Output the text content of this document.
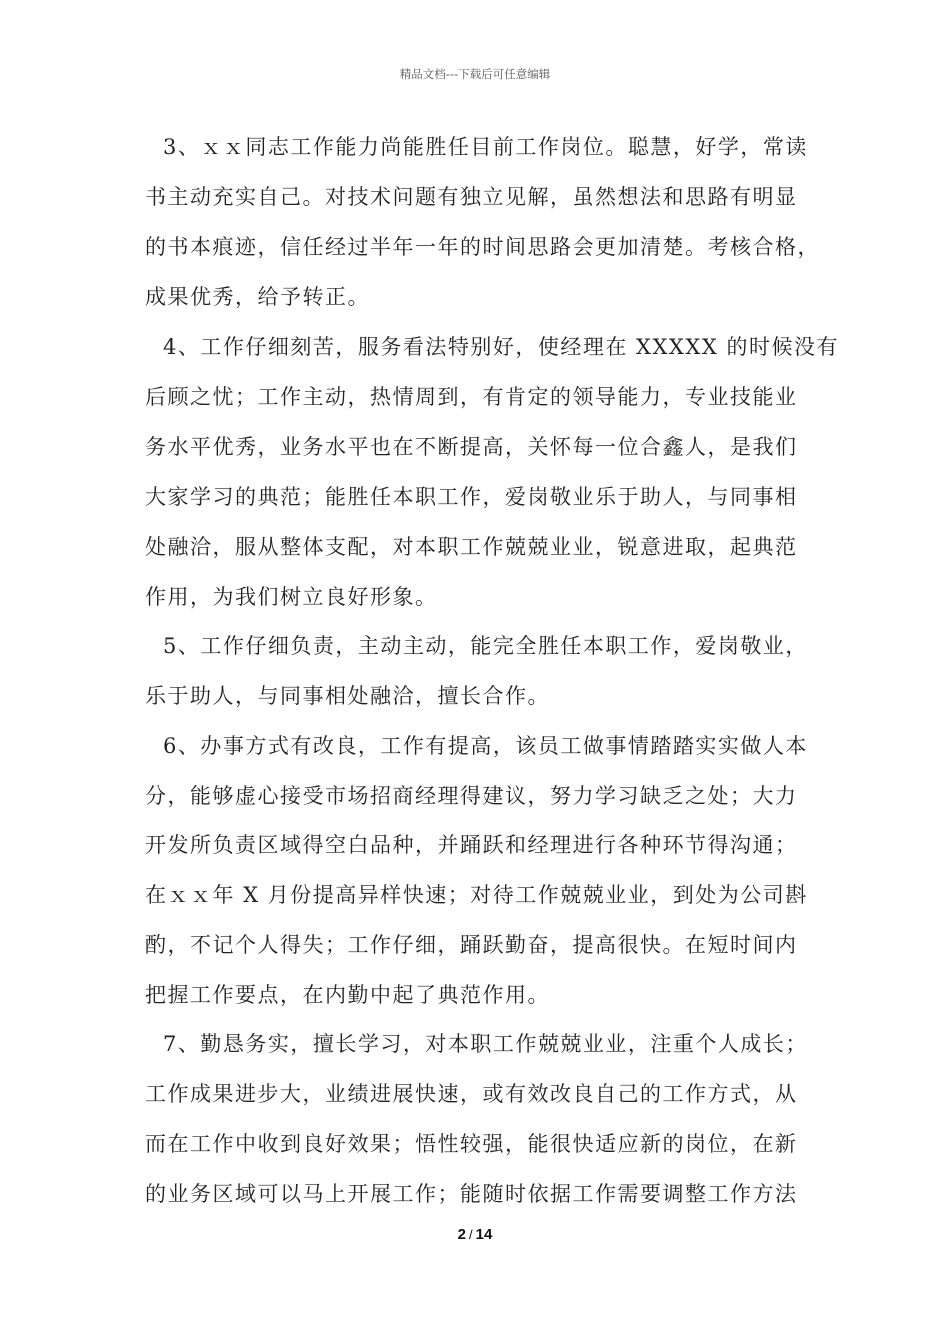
精品文档---下载后可任意编辑
3、ｘｘ同志工作能力尚能胜任目前工作岗位。聪慧，好学，常读
书主动充实自己。对技术问题有独立见解，虽然想法和思路有明显
的书本痕迹，信任经过半年一年的时间思路会更加清楚。考核合格，
成果优秀，给予转正。
4、工作仔细刻苦，服务看法特别好，使经理在 XXXXX 的时候没有
后顾之忧；工作主动，热情周到，有肯定的领导能力，专业技能业
务水平优秀，业务水平也在不断提高，关怀每一位合鑫人，是我们
大家学习的典范；能胜任本职工作，爱岗敬业乐于助人，与同事相
处融洽，服从整体支配，对本职工作兢兢业业，锐意进取，起典范
作用，为我们树立良好形象。
5、工作仔细负责，主动主动，能完全胜任本职工作，爱岗敬业，
乐于助人，与同事相处融洽，擅长合作。
6、办事方式有改良，工作有提高，该员工做事情踏踏实实做人本
分，能够虚心接受市场招商经理得建议，努力学习缺乏之处；大力
开发所负责区域得空白品种，并踊跃和经理进行各种环节得沟通；
在ｘｘ年 X 月份提高异样快速；对待工作兢兢业业，到处为公司斟
酌，不记个人得失；工作仔细，踊跃勤奋，提高很快。在短时间内
把握工作要点，在内勤中起了典范作用。
7、勤恳务实，擅长学习，对本职工作兢兢业业，注重个人成长；
工作成果进步大，业绩进展快速，或有效改良自己的工作方式，从
而在工作中收到良好效果；悟性较强，能很快适应新的岗位，在新
的业务区域可以马上开展工作；能随时依据工作需要调整工作方法
2 / 14
